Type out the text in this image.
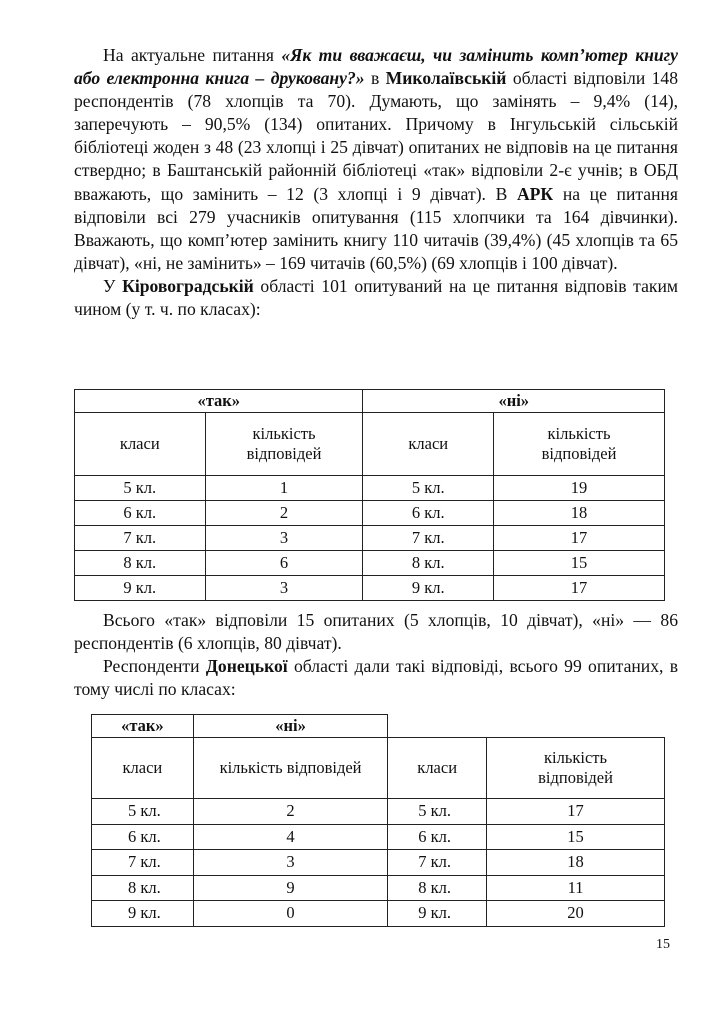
На актуальне питання «Як ти вважаєш, чи замінить комп’ютер книгу або електронна книга – друковану?» в Миколаївській області відповіли 148 респондентів (78 хлопців та 70). Думають, що замінять – 9,4% (14), заперечують – 90,5% (134) опитаних. Причому в Інгульській сільській бібліотеці жоден з 48 (23 хлопці і 25 дівчат) опитаних не відповів на це питання ствердно; в Баштанській районній бібліотеці «так» відповіли 2-є учнів; в ОБД вважають, що замінить – 12 (3 хлопці і 9 дівчат). В АРК на це питання відповіли всі 279 учасників опитування (115 хлопчики та 164 дівчинки). Вважають, що комп’ютер замінить книгу 110 читачів (39,4%) (45 хлопців та 65 дівчат), «ні, не замінить» – 169 читачів (60,5%) (69 хлопців і 100 дівчат).

У Кіровоградській області 101 опитуваний на це питання відповів таким чином (у т. ч. по класах):

«так»		«ні»	
класи	кількість відповідей	класи	кількість відповідей
5 кл.	1	5 кл.	19
6 кл.	2	6 кл.	18
7 кл.	3	7 кл.	17
8 кл.	6	8 кл.	15
9 кл.	3	9 кл.	17

Всього «так» відповіли 15 опитаних (5 хлопців, 10 дівчат), «ні» — 86 респондентів (6 хлопців, 80 дівчат).

Респонденти Донецької області дали такі відповіді, всього 99 опитаних, в тому числі по класах:

«так»	«ні»		
класи	кількість відповідей	класи	кількість відповідей
5 кл.	2	5 кл.	17
6 кл.	4	6 кл.	15
7 кл.	3	7 кл.	18
8 кл.	9	8 кл.	11
9 кл.	0	9 кл.	20
15
